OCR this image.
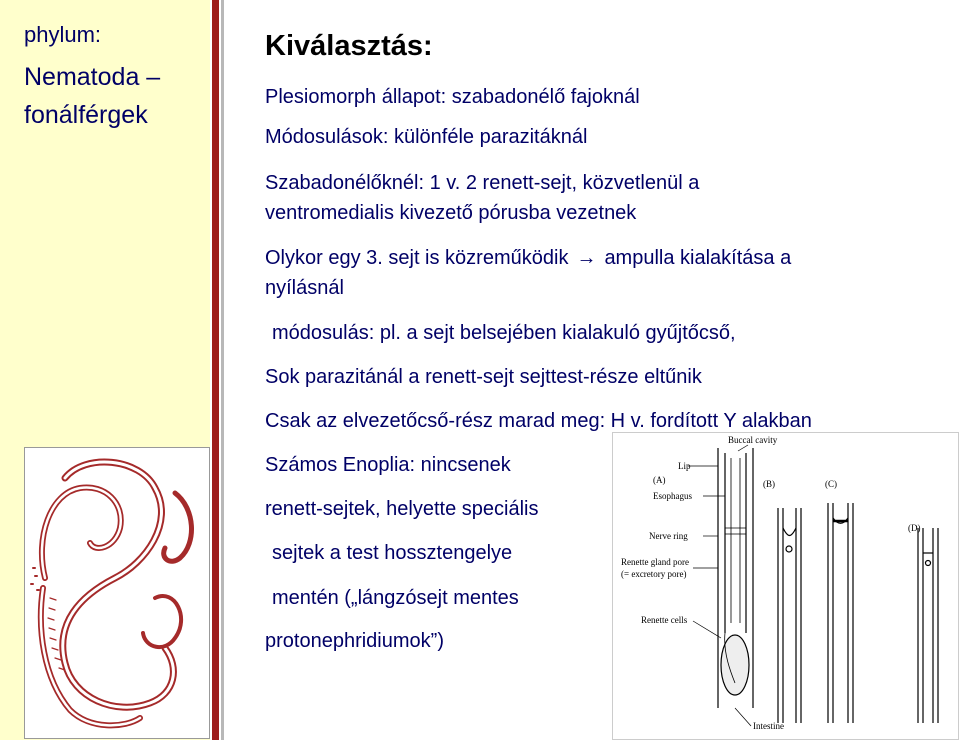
phylum:
Nematoda – fonálférgek
Kiválasztás:
Plesiomorph állapot: szabadonélő fajoknál
Módosulások: különféle parazitáknál
Szabadonélőknél: 1 v. 2 renett-sejt, közvetlenül a
ventromedialis kivezető pórusba vezetnek
Olykor egy 3. sejt is közreműködik → ampulla kialakítása a
nyílásnál
módosulás: pl. a sejt belsejében kialakuló gyűjtőcső,
Sok parazitánál a renett-sejt sejttest-része eltűnik
Csak az elvezetőcső-rész marad meg: H v. fordított Y alakban
Számos Enoplia: nincsenek
renett-sejtek, helyette speciális
sejtek a test hossztengelye
mentén („lángzósejt mentes
protonephridiumok”)
Buccal cavity
Lip
(A)
Esophagus
(B)	(C)
(D)
Nerve ring
Renette gland pore
(= excretory pore)
Renette cells
Intestine
